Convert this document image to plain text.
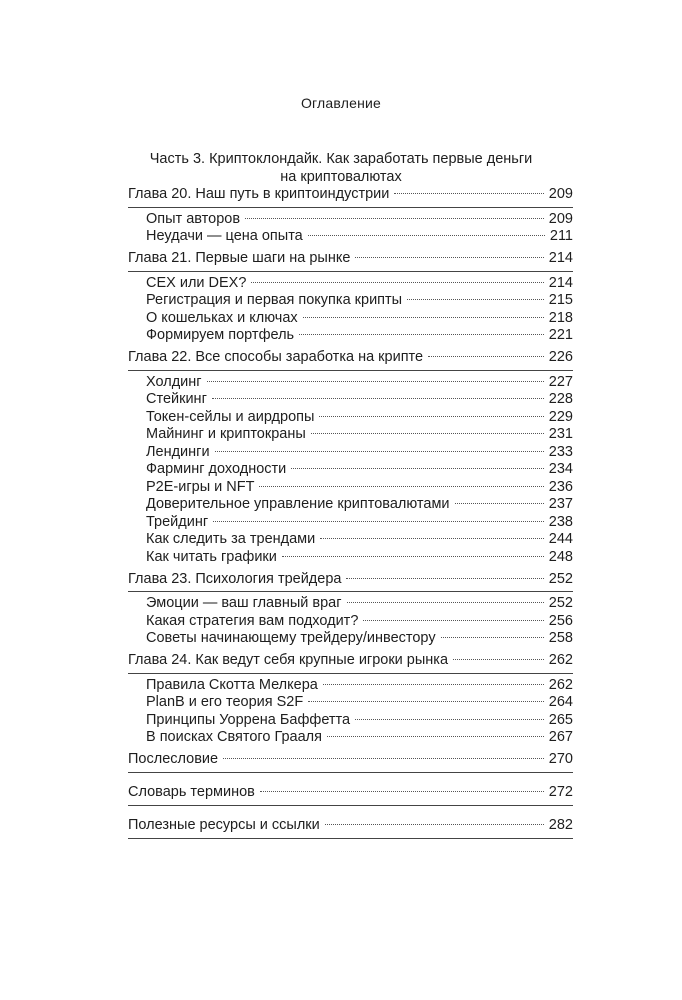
Оглавление
Часть 3. Криптоклондайк. Как заработать первые деньги
на криптовалютах
Глава 20. Наш путь в криптоиндустрии	209
Опыт авторов	209
Неудачи — цена опыта	211
Глава 21. Первые шаги на рынке	214
CEX или DEX?	214
Регистрация и первая покупка крипты	215
О кошельках и ключах	218
Формируем портфель	221
Глава 22. Все способы заработка на крипте	226
Холдинг	227
Стейкинг	228
Токен-сейлы и аирдропы	229
Майнинг и криптокраны	231
Лендинги	233
Фарминг доходности	234
P2E-игры и NFT	236
Доверительное управление криптовалютами	237
Трейдинг	238
Как следить за трендами	244
Как читать графики	248
Глава 23. Психология трейдера	252
Эмоции — ваш главный враг	252
Какая стратегия вам подходит?	256
Советы начинающему трейдеру/инвестору	258
Глава 24. Как ведут себя крупные игроки рынка	262
Правила Скотта Мелкера	262
PlanB и его теория S2F	264
Принципы Уоррена Баффетта	265
В поисках Святого Грааля	267
Послесловие	270
Словарь терминов	272
Полезные ресурсы и ссылки	282
